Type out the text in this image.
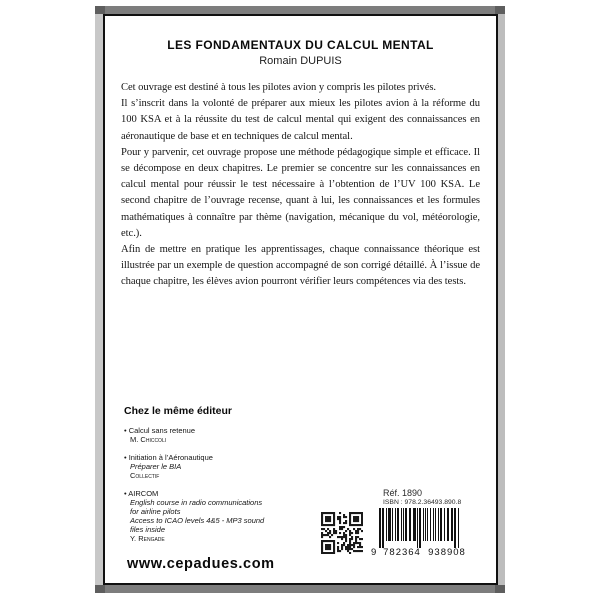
LES FONDAMENTAUX DU CALCUL MENTAL
Romain DUPUIS

Cet ouvrage est destiné à tous les pilotes avion y compris les pilotes privés.

Il s’inscrit dans la volonté de préparer aux mieux les pilotes avion à la réforme du 100 KSA et à la réussite du test de calcul mental qui exigent des connaissances en aéronautique de base et en techniques de calcul mental.

Pour y parvenir, cet ouvrage propose une méthode pédagogique simple et efficace. Il se décompose en deux chapitres. Le premier se concentre sur les connaissances en calcul mental pour réussir le test nécessaire à l’obtention de l’UV 100 KSA. Le second chapitre de l’ouvrage recense, quant à lui, les connaissances et les formules mathématiques à connaître par thème (navigation, mécanique du vol, météorologie, etc.).

Afin de mettre en pratique les apprentissages, chaque connaissance théorique est illustrée par un exemple de question accompagné de son corrigé détaillé. À l’issue de chaque chapitre, les élèves avion pourront vérifier leurs compétences via des tests.

Chez le même éditeur
• Calcul sans retenue
M. Chiccoli
• Initiation à l’Aéronautique
Préparer le BIA
Collectif
• AIRCOM
English course in radio communications
for airline pilots
Access to ICAO levels 4&5 - MP3 sound
files inside
Y. Rengade
www.cepadues.com
Réf. 1890
ISBN : 978.2.36493.890.8
9 782364 938908
